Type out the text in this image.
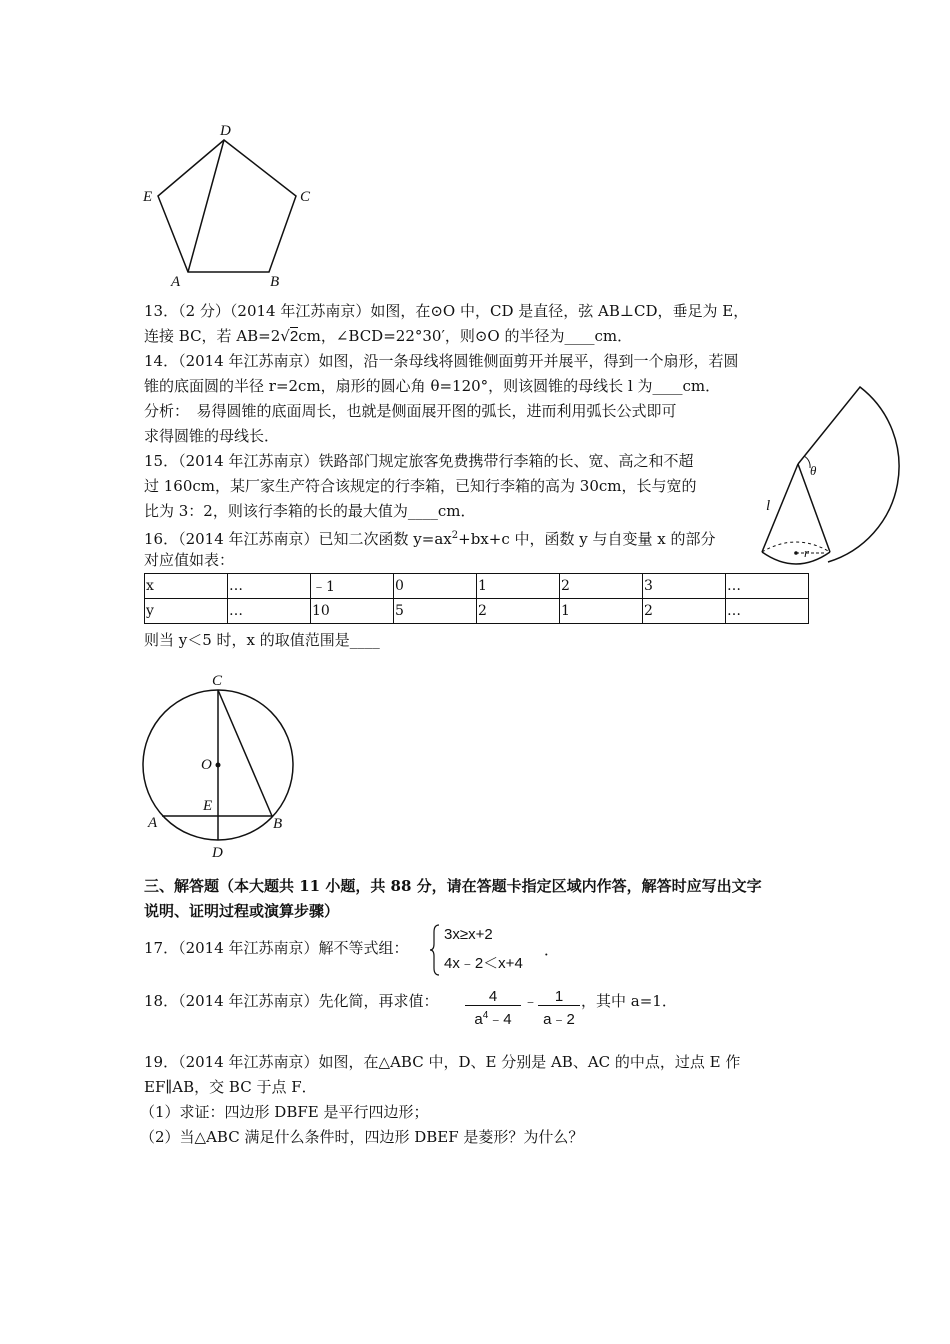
D
E	C
A	B
13．（2 分）（2014 年江苏南京）如图，在⊙O 中，CD 是直径，弦 AB⊥CD，垂足为 E，
连接 BC，若 AB=2√2cm，∠BCD=22°30′，则⊙O 的半径为____cm．
14．（2014 年江苏南京）如图，沿一条母线将圆锥侧面剪开并展平，得到一个扇形，若圆
锥的底面圆的半径 r=2cm，扇形的圆心角 θ=120°，则该圆锥的母线长 l 为____cm．
分析：　易得圆锥的底面周长，也就是侧面展开图的弧长，进而利用弧长公式即可
求得圆锥的母线长．
θ
l
r
15．（2014 年江苏南京）铁路部门规定旅客免费携带行李箱的长、宽、高之和不超
过 160cm，某厂家生产符合该规定的行李箱，已知行李箱的高为 30cm，长与宽的
比为 3：2，则该行李箱的长的最大值为____cm．
16．（2014 年江苏南京）已知二次函数 $y=ax^2+bx+c$ 中，函数 y 与自变量 x 的部分
对应值如表：
x	…	﹣1	0	1	2	3	…
y	…	10	5	2	1	2	…
则当 y＜5 时，x 的取值范围是____
C
O
E
A	B
D
三、解答题（本大题共 11 小题，共 88 分，请在答题卡指定区域内作答，解答时应写出文字
说明、证明过程或演算步骤）
17．（2014 年江苏南京）解不等式组：
3x≥x+2
4x﹣2＜x+4
．
18．（2014 年江苏南京）先化简，再求值： $\frac{4}{a^4﹣4}$ ﹣ $\frac{1}{a﹣2}$ ，其中 a=1．
19．（2014 年江苏南京）如图，在△ABC 中，D、E 分别是 AB、AC 的中点，过点 E 作
EF∥AB，交 BC 于点 F．
（1）求证：四边形 DBFE 是平行四边形；
（2）当△ABC 满足什么条件时，四边形 DBEF 是菱形？为什么？
